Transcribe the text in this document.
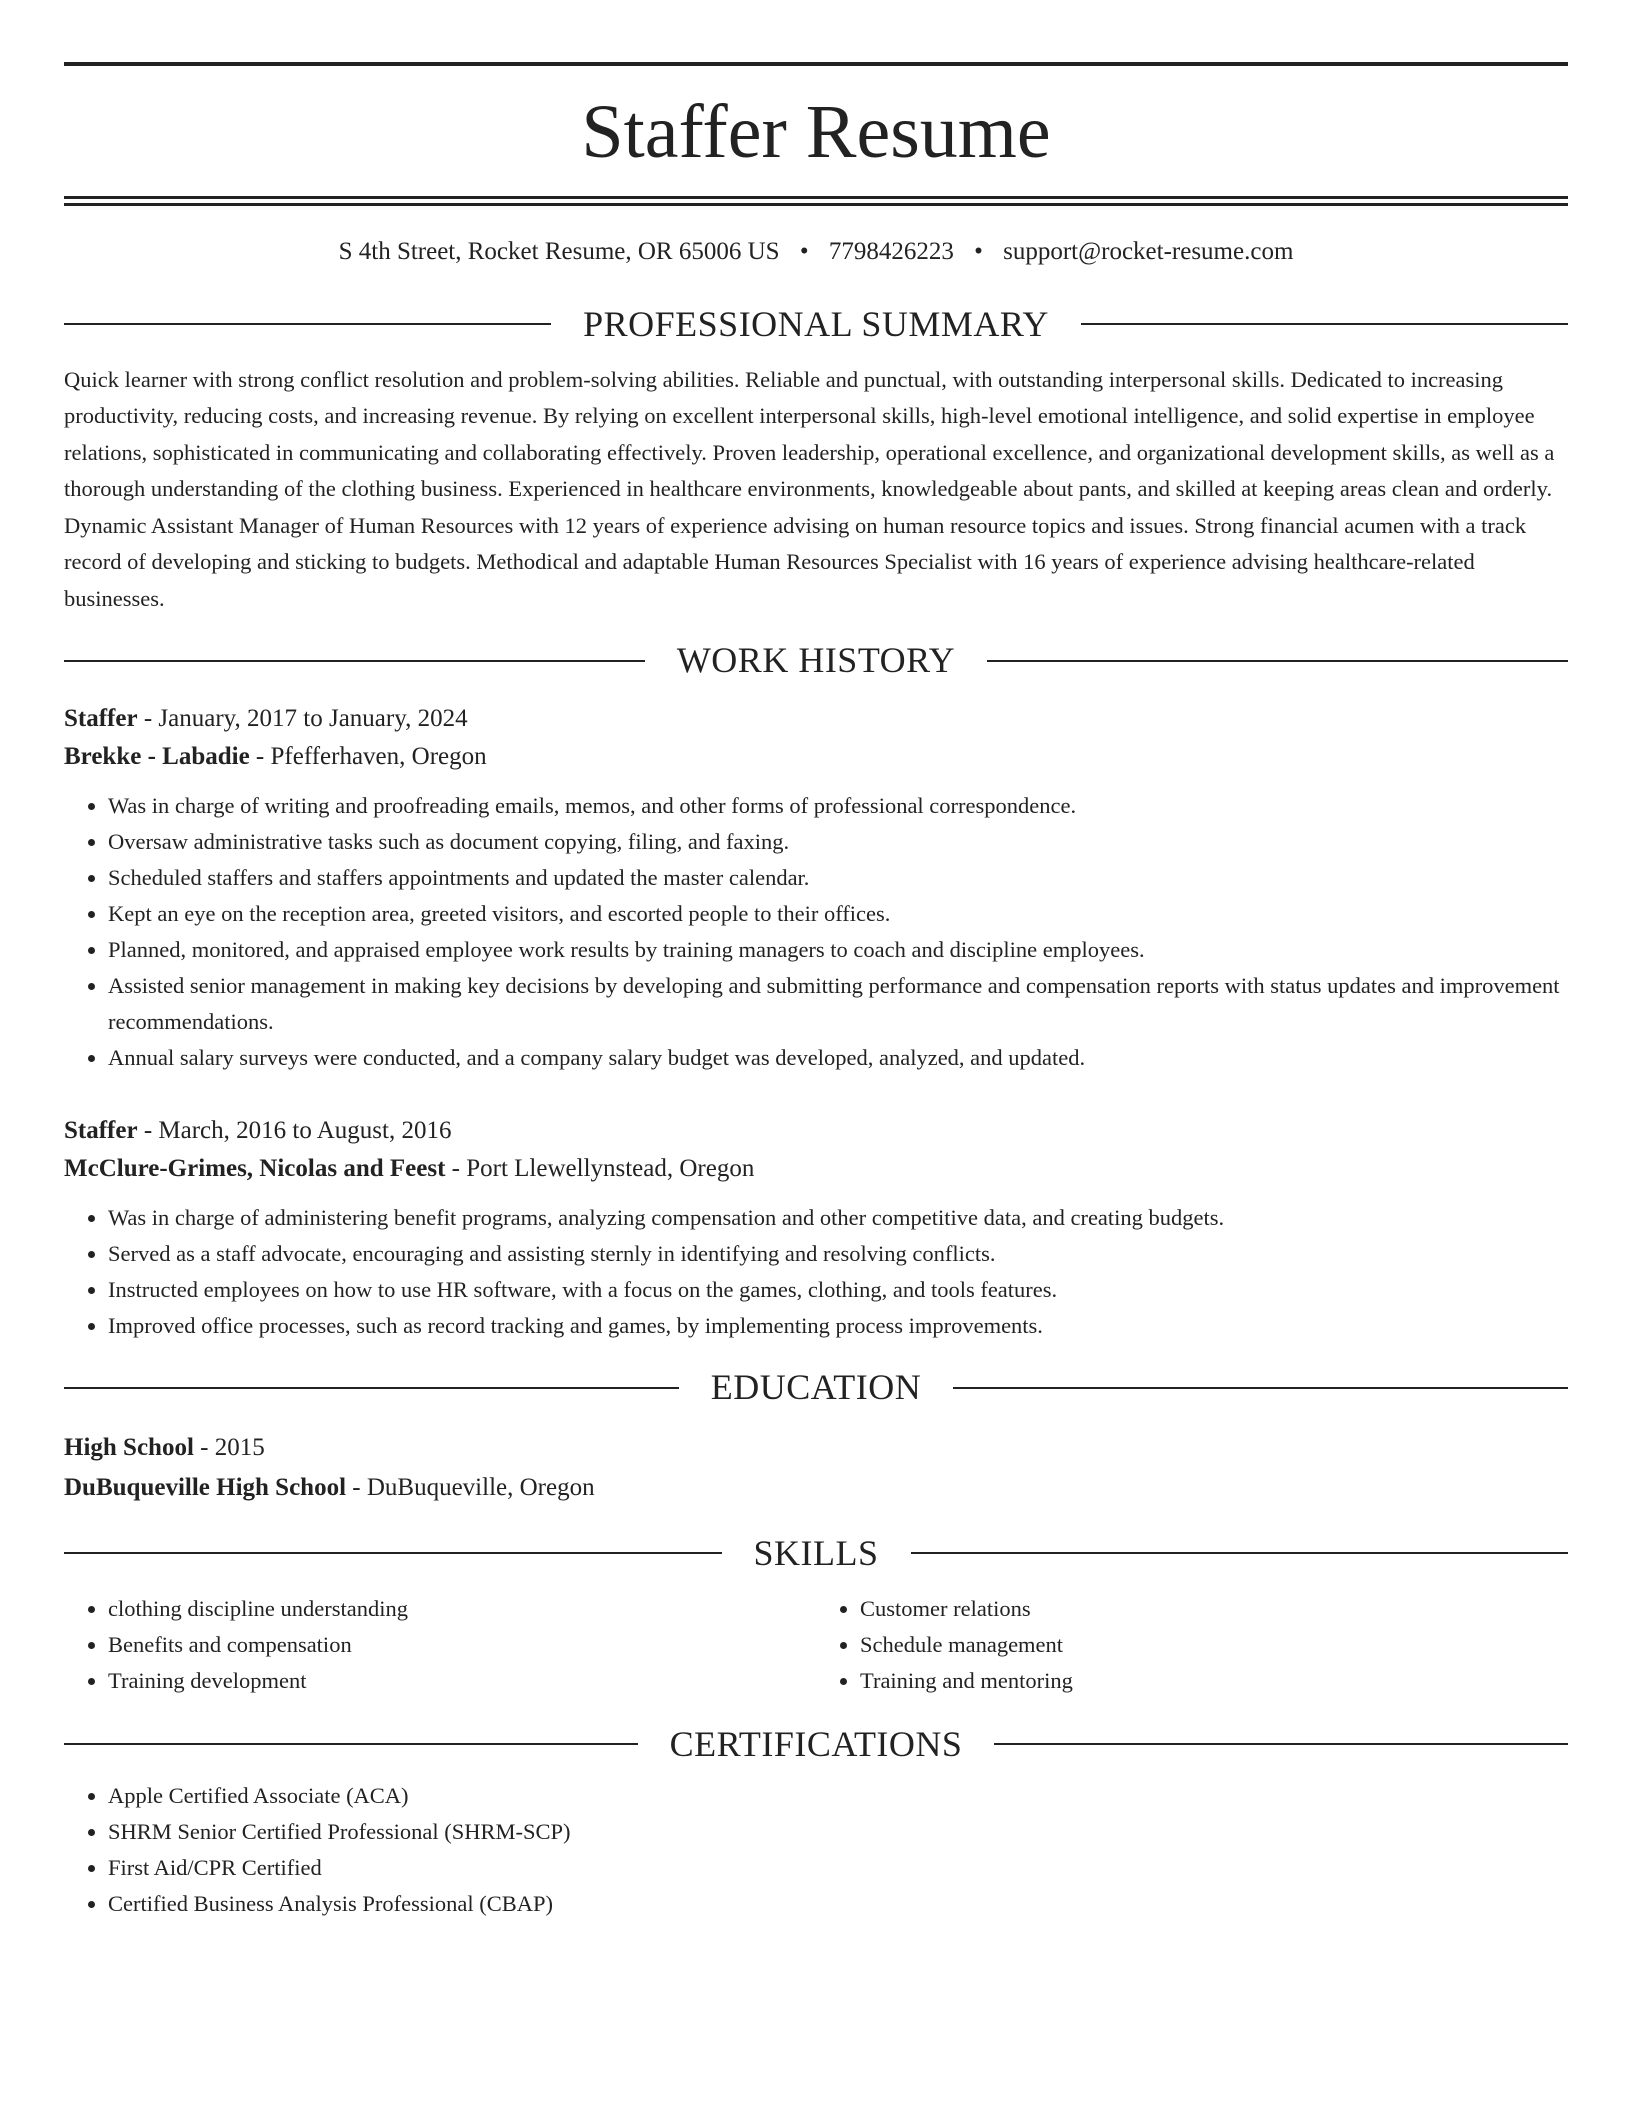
Staffer Resume
S 4th Street, Rocket Resume, OR 65006 US • 7798426223 • support@rocket-resume.com
PROFESSIONAL SUMMARY
Quick learner with strong conflict resolution and problem-solving abilities. Reliable and punctual, with outstanding interpersonal skills. Dedicated to increasing productivity, reducing costs, and increasing revenue. By relying on excellent interpersonal skills, high-level emotional intelligence, and solid expertise in employee relations, sophisticated in communicating and collaborating effectively. Proven leadership, operational excellence, and organizational development skills, as well as a thorough understanding of the clothing business. Experienced in healthcare environments, knowledgeable about pants, and skilled at keeping areas clean and orderly. Dynamic Assistant Manager of Human Resources with 12 years of experience advising on human resource topics and issues. Strong financial acumen with a track record of developing and sticking to budgets. Methodical and adaptable Human Resources Specialist with 16 years of experience advising healthcare-related businesses.
WORK HISTORY
Staffer - January, 2017 to January, 2024
Brekke - Labadie - Pfefferhaven, Oregon
• Was in charge of writing and proofreading emails, memos, and other forms of professional correspondence.
• Oversaw administrative tasks such as document copying, filing, and faxing.
• Scheduled staffers and staffers appointments and updated the master calendar.
• Kept an eye on the reception area, greeted visitors, and escorted people to their offices.
• Planned, monitored, and appraised employee work results by training managers to coach and discipline employees.
• Assisted senior management in making key decisions by developing and submitting performance and compensation reports with status updates and improvement recommendations.
• Annual salary surveys were conducted, and a company salary budget was developed, analyzed, and updated.
Staffer - March, 2016 to August, 2016
McClure-Grimes, Nicolas and Feest - Port Llewellynstead, Oregon
• Was in charge of administering benefit programs, analyzing compensation and other competitive data, and creating budgets.
• Served as a staff advocate, encouraging and assisting sternly in identifying and resolving conflicts.
• Instructed employees on how to use HR software, with a focus on the games, clothing, and tools features.
• Improved office processes, such as record tracking and games, by implementing process improvements.
EDUCATION
High School - 2015
DuBuqueville High School - DuBuqueville, Oregon
SKILLS
• clothing discipline understanding
• Benefits and compensation
• Training development
• Customer relations
• Schedule management
• Training and mentoring
CERTIFICATIONS
• Apple Certified Associate (ACA)
• SHRM Senior Certified Professional (SHRM-SCP)
• First Aid/CPR Certified
• Certified Business Analysis Professional (CBAP)
